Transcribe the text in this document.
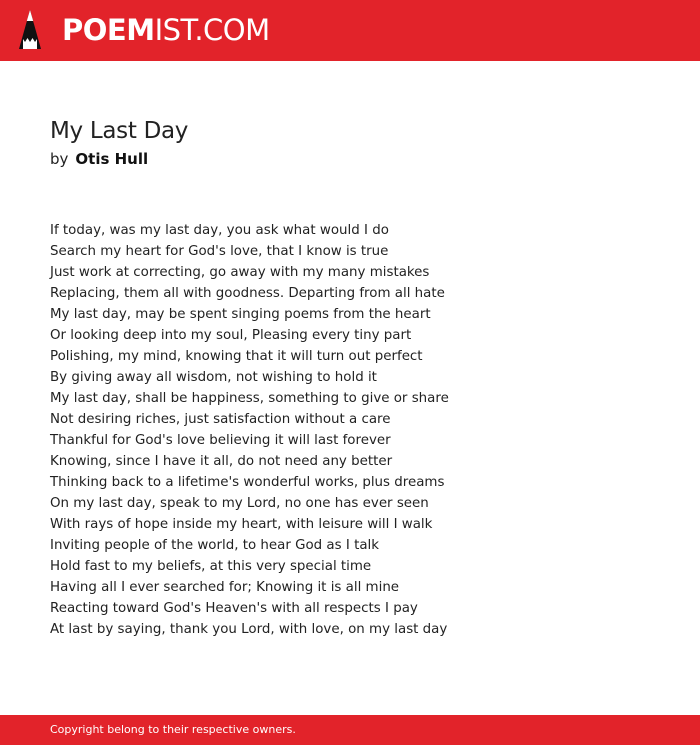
POEMIST.COM
My Last Day
by Otis Hull
If today, was my last day, you ask what would I do
Search my heart for God's love, that I know is true
Just work at correcting, go away with my many mistakes
Replacing, them all with goodness. Departing from all hate
My last day, may be spent singing poems from the heart
Or looking deep into my soul, Pleasing every tiny part
Polishing, my mind, knowing that it will turn out perfect
By giving away all wisdom, not wishing to hold it
My last day, shall be happiness, something to give or share
Not desiring riches, just satisfaction without a care
Thankful for God's love believing it will last forever
Knowing, since I have it all, do not need any better
Thinking back to a lifetime's wonderful works, plus dreams
On my last day, speak to my Lord, no one has ever seen
With rays of hope inside my heart, with leisure will I walk
Inviting people of the world, to hear God as I talk
Hold fast to my beliefs, at this very special time
Having all I ever searched for; Knowing it is all mine
Reacting toward God's Heaven's with all respects I pay
At last by saying, thank you Lord, with love, on my last day
Copyright belong to their respective owners.
